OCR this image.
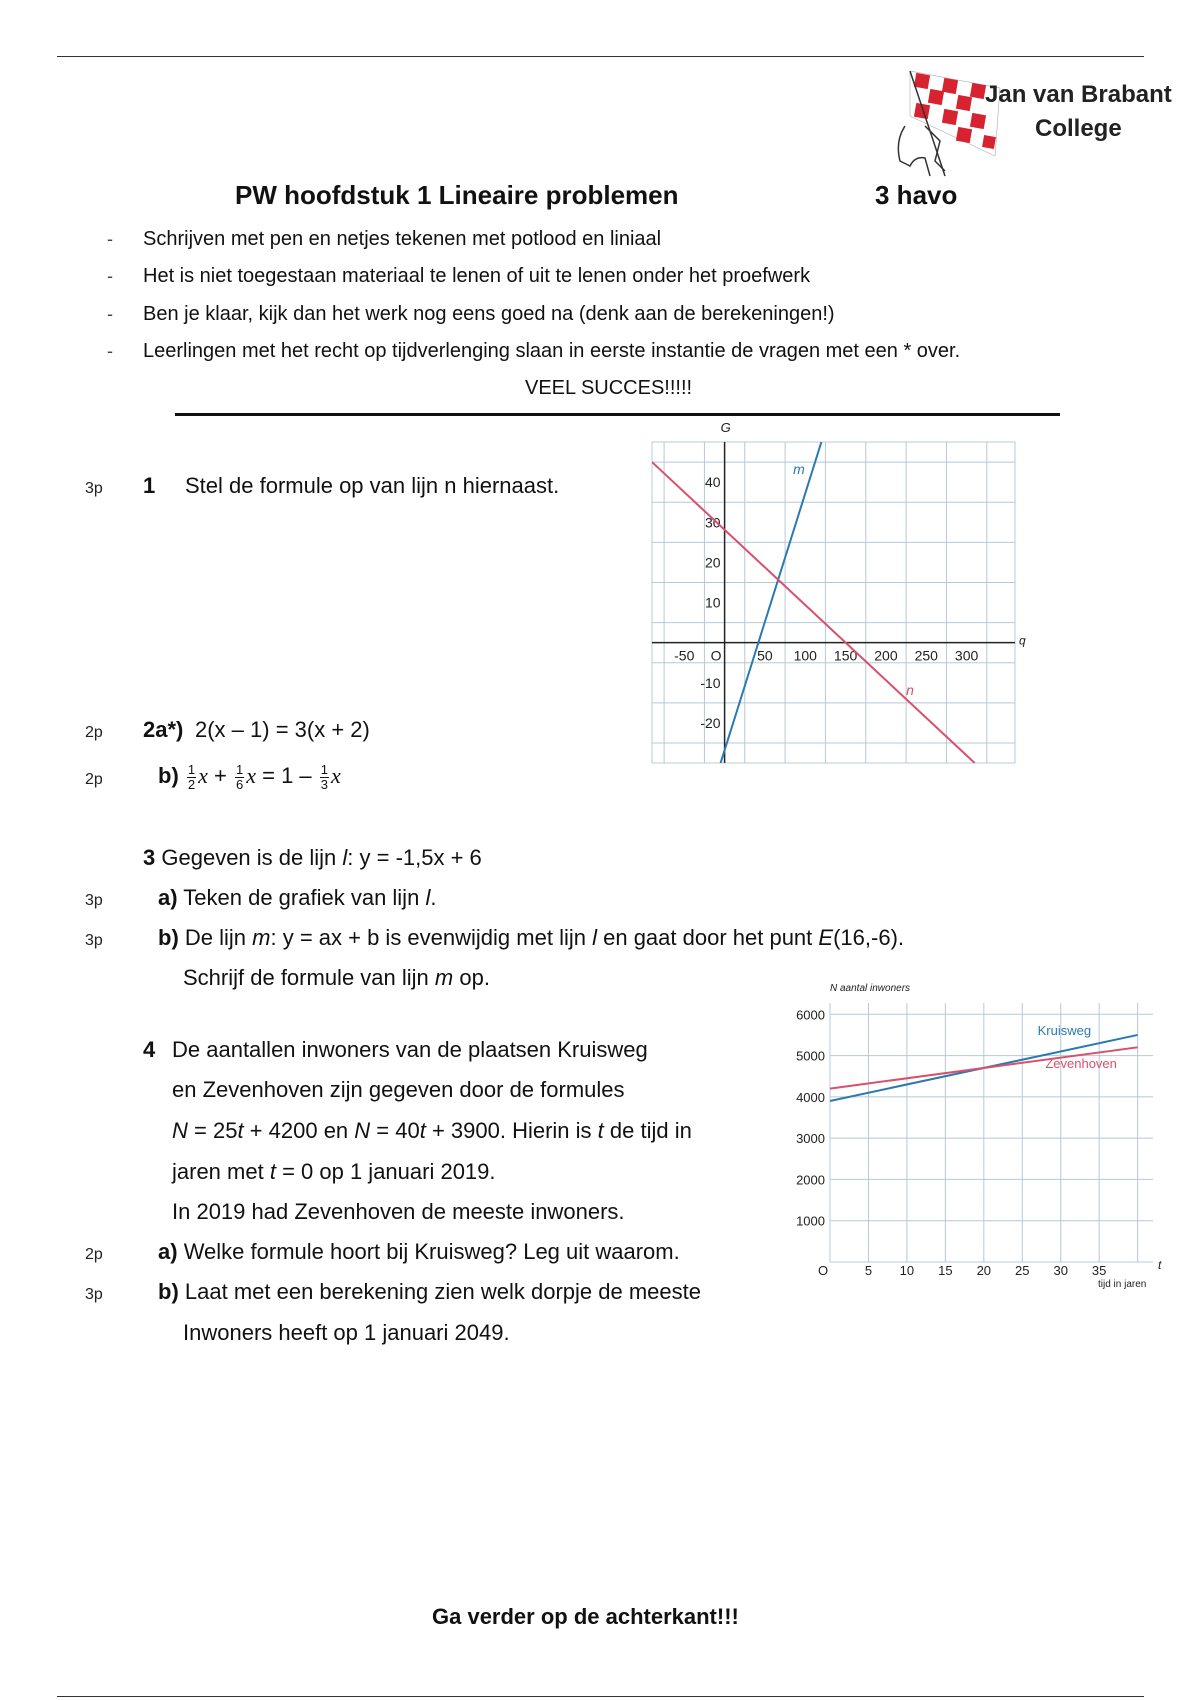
Jan van Brabant
College
PW hoofdstuk 1 Lineaire problemen	3 havo
- Schrijven met pen en netjes tekenen met potlood en liniaal
- Het is niet toegestaan materiaal te lenen of uit te lenen onder het proefwerk
- Ben je klaar, kijk dan het werk nog eens goed na (denk aan de berekeningen!)
- Leerlingen met het recht op tijdverlenging slaan in eerste instantie de vragen met een * over.
VEEL SUCCES!!!!!
3p 1 Stel de formule op van lijn n hiernaast.
G
q
O
-50	50 100 150 200 250 300
40
30
20
10
-10
-20
m
n
2p 2a*) 2(x – 1) = 3(x + 2)
2p	$b) \frac{1}{2}$ $x + \frac{1}{6}$ $x = 1 - \frac{1}{3}$ x
3 Gegeven is de lijn l: y = -1,5x + 6
3p	a) Teken de grafiek van lijn l.
3p	b) De lijn m: y = ax + b is evenwijdig met lijn l en gaat door het punt E(16,-6).
Schrijf de formule van lijn m op.
4 De aantallen inwoners van de plaatsen Kruisweg
en Zevenhoven zijn gegeven door de formules
N = 25t + 4200 en N = 40t + 3900. Hierin is t de tijd in
jaren met t = 0 op 1 januari 2019.
In 2019 had Zevenhoven de meeste inwoners.
2p	a) Welke formule hoort bij Kruisweg? Leg uit waarom.
3p	b) Laat met een berekening zien welk dorpje de meeste
Inwoners heeft op 1 januari 2049.
N aantal inwoners
t
tijd in jaren
O	5 10 15 20 25 30 35
1000
2000
3000
4000
5000
6000
Kruisweg
Zevenhoven
Ga verder op de achterkant!!!
